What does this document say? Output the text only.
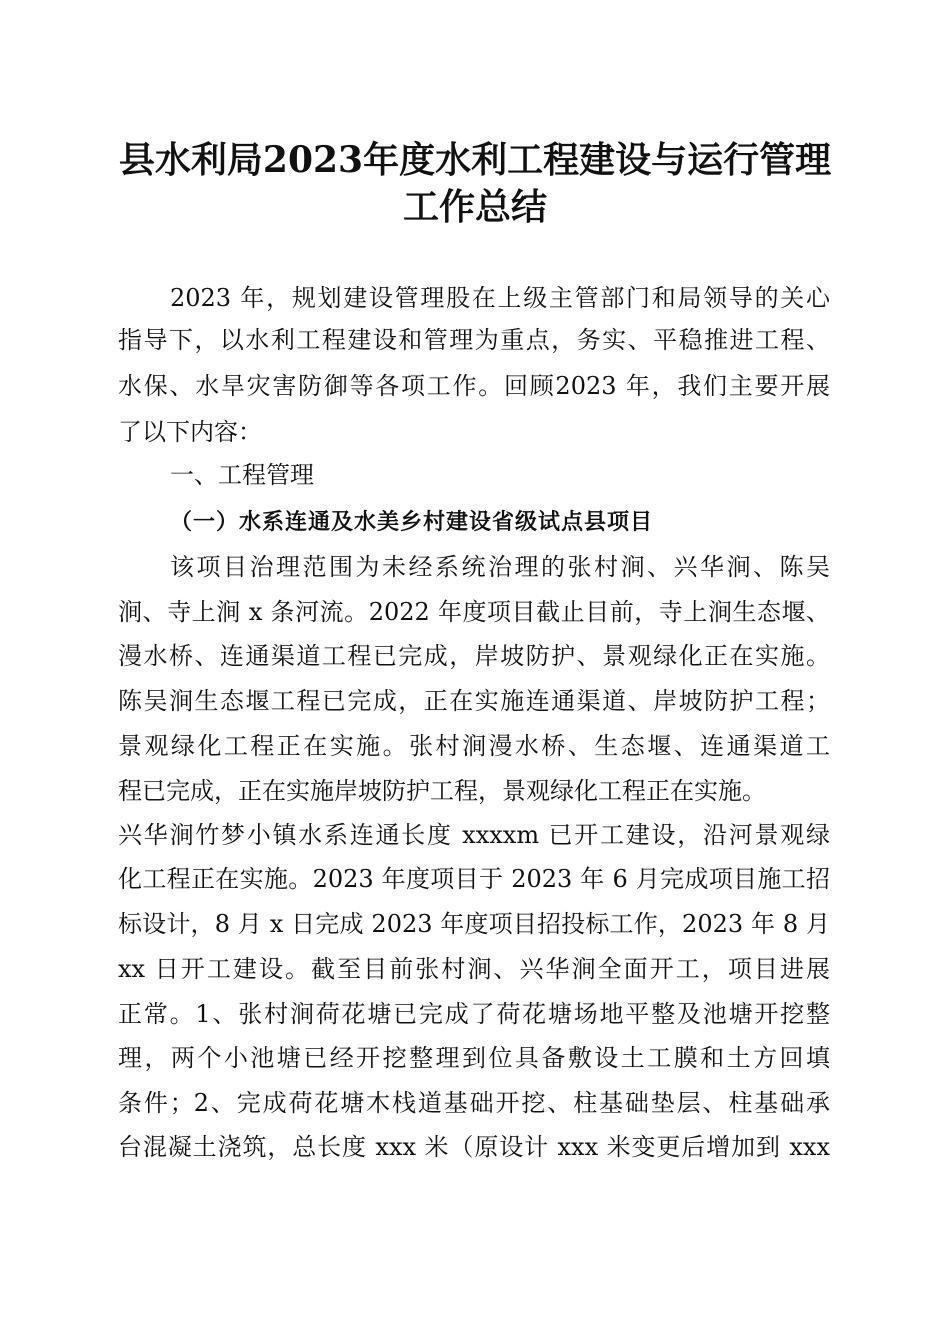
县水利局2023年度水利工程建设与运行管理
工作总结
2023 年，规划建设管理股在上级主管部门和局领导的关心
指导下，以水利工程建设和管理为重点，务实、平稳推进工程、
水保、水旱灾害防御等各项工作。回顾2023 年，我们主要开展
了以下内容：
一、工程管理
（一）水系连通及水美乡村建设省级试点县项目
该项目治理范围为未经系统治理的张村涧、兴华涧、陈吴
涧、寺上涧 x 条河流。2022 年度项目截止目前，寺上涧生态堰、
漫水桥、连通渠道工程已完成，岸坡防护、景观绿化正在实施。
陈吴涧生态堰工程已完成，正在实施连通渠道、岸坡防护工程；
景观绿化工程正在实施。张村涧漫水桥、生态堰、连通渠道工
程已完成，正在实施岸坡防护工程，景观绿化工程正在实施。
兴华涧竹梦小镇水系连通长度 xxxxm 已开工建设，沿河景观绿
化工程正在实施。2023 年度项目于 2023 年 6 月完成项目施工招
标设计，8 月 x 日完成 2023 年度项目招投标工作，2023 年 8 月
xx 日开工建设。截至目前张村涧、兴华涧全面开工，项目进展
正常。1、张村涧荷花塘已完成了荷花塘场地平整及池塘开挖整
理，两个小池塘已经开挖整理到位具备敷设土工膜和土方回填
条件；2、完成荷花塘木栈道基础开挖、柱基础垫层、柱基础承
台混凝土浇筑，总长度 xxx 米（原设计 xxx 米变更后增加到 xxx
